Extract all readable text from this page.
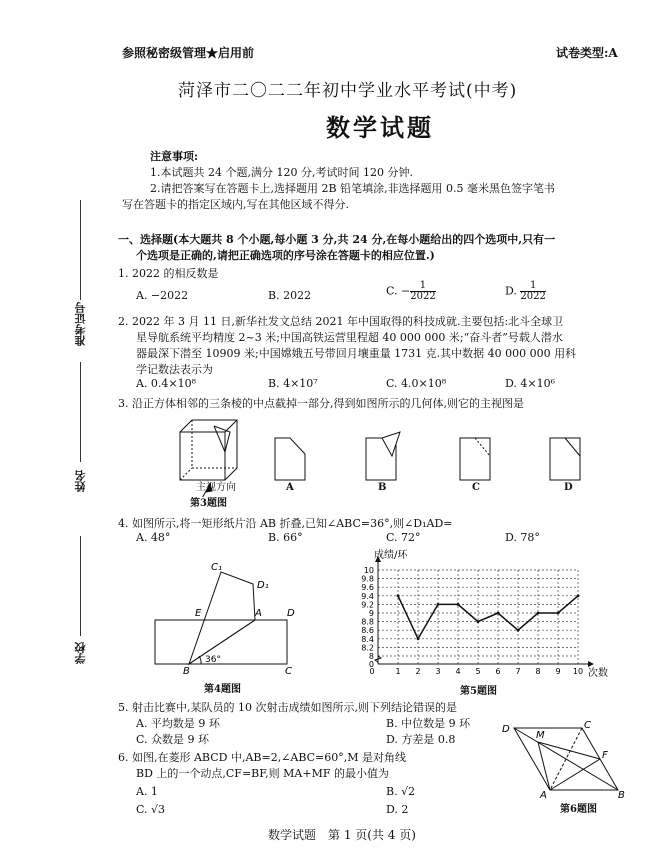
参照秘密级管理★启用前	试卷类型:A
菏泽市二〇二二年初中学业水平考试(中考)
数学试题
注意事项:
1.本试题共 24 个题,满分 120 分,考试时间 120 分钟.
2.请把答案写在答题卡上,选择题用 2B 铅笔填涂,非选择题用 0.5 毫米黑色签字笔书
写在答题卡的指定区域内,写在其他区域不得分.
准考证号
姓名
学校
一、选择题(本大题共 8 个小题,每小题 3 分,共 24 分,在每小题给出的四个选项中,只有一
个选项是正确的,请把正确选项的序号涂在答题卡的相应位置.)
1. 2022 的相反数是
A. −2022	B. 2022	C. − $\frac{1}{2022}$	D. $\frac{1}{2022}$
2. 2022 年 3 月 11 日,新华社发文总结 2021 年中国取得的科技成就.主要包括:北斗全球卫
星导航系统平均精度 2~3 米;中国高铁运营里程超 40 000 000 米;“奋斗者”号载人潜水
器最深下潜至 10909 米;中国嫦娥五号带回月壤重量 1731 克.其中数据 40 000 000 用科
学记数法表示为
A. 0.4×10⁸	B. 4×10⁷	C. 4.0×10⁸	D. 4×10⁶
3. 沿正方体相邻的三条棱的中点截掉一部分,得到如图所示的几何体,则它的主视图是
主视方向
第3题图
A	B	C	D
4. 如图所示,将一矩形纸片沿 AB 折叠,已知∠ABC=36°,则∠D₁AD=
A. 48°	B. 66°	C. 72°	D. 78°
C₁
D₁
E	A	D
B	C
36°
第4题图
0
8
8.2
8.4
8.6
8.8
9
9.2
9.4
9.6
9.8
10
0	1 2 3 4 5 6 7 8 9 10
成绩/环
次数
第5题图
5. 射击比赛中,某队员的 10 次射击成绩如图所示,则下列结论错误的是
A. 平均数是 9 环	B. 中位数是 9 环
C. 众数是 9 环	D. 方差是 0.8
6. 如图,在菱形 ABCD 中,AB=2,∠ABC=60°,M 是对角线
BD 上的一个动点,CF=BF,则 MA+MF 的最小值为
A. 1	B. √2
C. √3	D. 2
D
M
C
F
A	B
第6题图
数学试题　第 1 页(共 4 页)
